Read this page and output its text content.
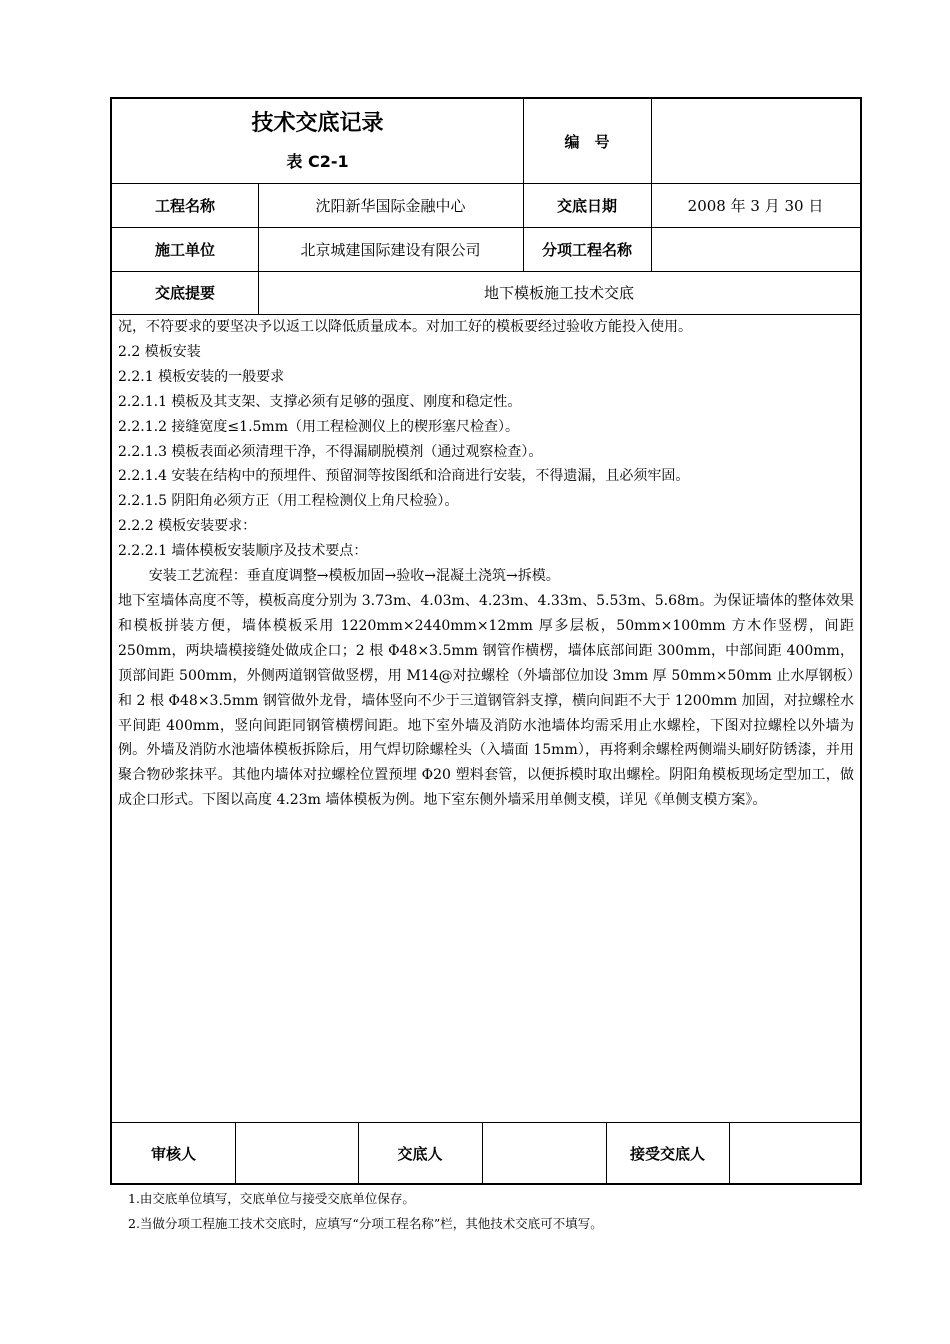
技术交底记录
表 C2-1
编　号
工程名称	沈阳新华国际金融中心	交底日期	2008 年 3 月 30 日
施工单位	北京城建国际建设有限公司	分项工程名称
交底提要	地下模板施工技术交底

况，不符要求的要坚决予以返工以降低质量成本。对加工好的模板要经过验收方能投入使用。

2.2 模板安装

2.2.1 模板安装的一般要求

2.2.1.1 模板及其支架、支撑必须有足够的强度、刚度和稳定性。

2.2.1.2 接缝宽度≤1.5mm（用工程检测仪上的楔形塞尺检查）。

2.2.1.3 模板表面必须清理干净，不得漏刷脱模剂（通过观察检查）。

2.2.1.4 安装在结构中的预埋件、预留洞等按图纸和洽商进行安装，不得遗漏，且必须牢固。

2.2.1.5 阴阳角必须方正（用工程检测仪上角尺检验）。

2.2.2 模板安装要求：

2.2.2.1 墙体模板安装顺序及技术要点：

安装工艺流程：垂直度调整→模板加固→验收→混凝土浇筑→拆模。

地下室墙体高度不等，模板高度分别为 3.73m、4.03m、4.23m、4.33m、5.53m、5.68m。为保证墙体的整体效果和模板拼装方便，墙体模板采用 1220mm×2440mm×12mm 厚多层板，50mm×100mm 方木作竖楞，间距 250mm，两块墙模接缝处做成企口；2 根 Φ48×3.5mm 钢管作横楞，墙体底部间距 300mm，中部间距 400mm，顶部间距 500mm，外侧两道钢管做竖楞，用 M14@对拉螺栓（外墙部位加设 3mm 厚 50mm×50mm 止水厚钢板）和 2 根 Φ48×3.5mm 钢管做外龙骨，墙体竖向不少于三道钢管斜支撑，横向间距不大于 1200mm 加固，对拉螺栓水平间距 400mm，竖向间距同钢管横楞间距。地下室外墙及消防水池墙体均需采用止水螺栓，下图对拉螺栓以外墙为例。外墙及消防水池墙体模板拆除后，用气焊切除螺栓头（入墙面 15mm），再将剩余螺栓两侧端头刷好防锈漆，并用聚合物砂浆抹平。其他内墙体对拉螺栓位置预埋 Φ20 塑料套管，以便拆模时取出螺栓。阴阳角模板现场定型加工，做成企口形式。下图以高度 4.23m 墙体模板为例。地下室东侧外墙采用单侧支模，详见《单侧支模方案》。

审核人	交底人	接受交底人

1.由交底单位填写，交底单位与接受交底单位保存。

2.当做分项工程施工技术交底时，应填写“分项工程名称”栏，其他技术交底可不填写。
